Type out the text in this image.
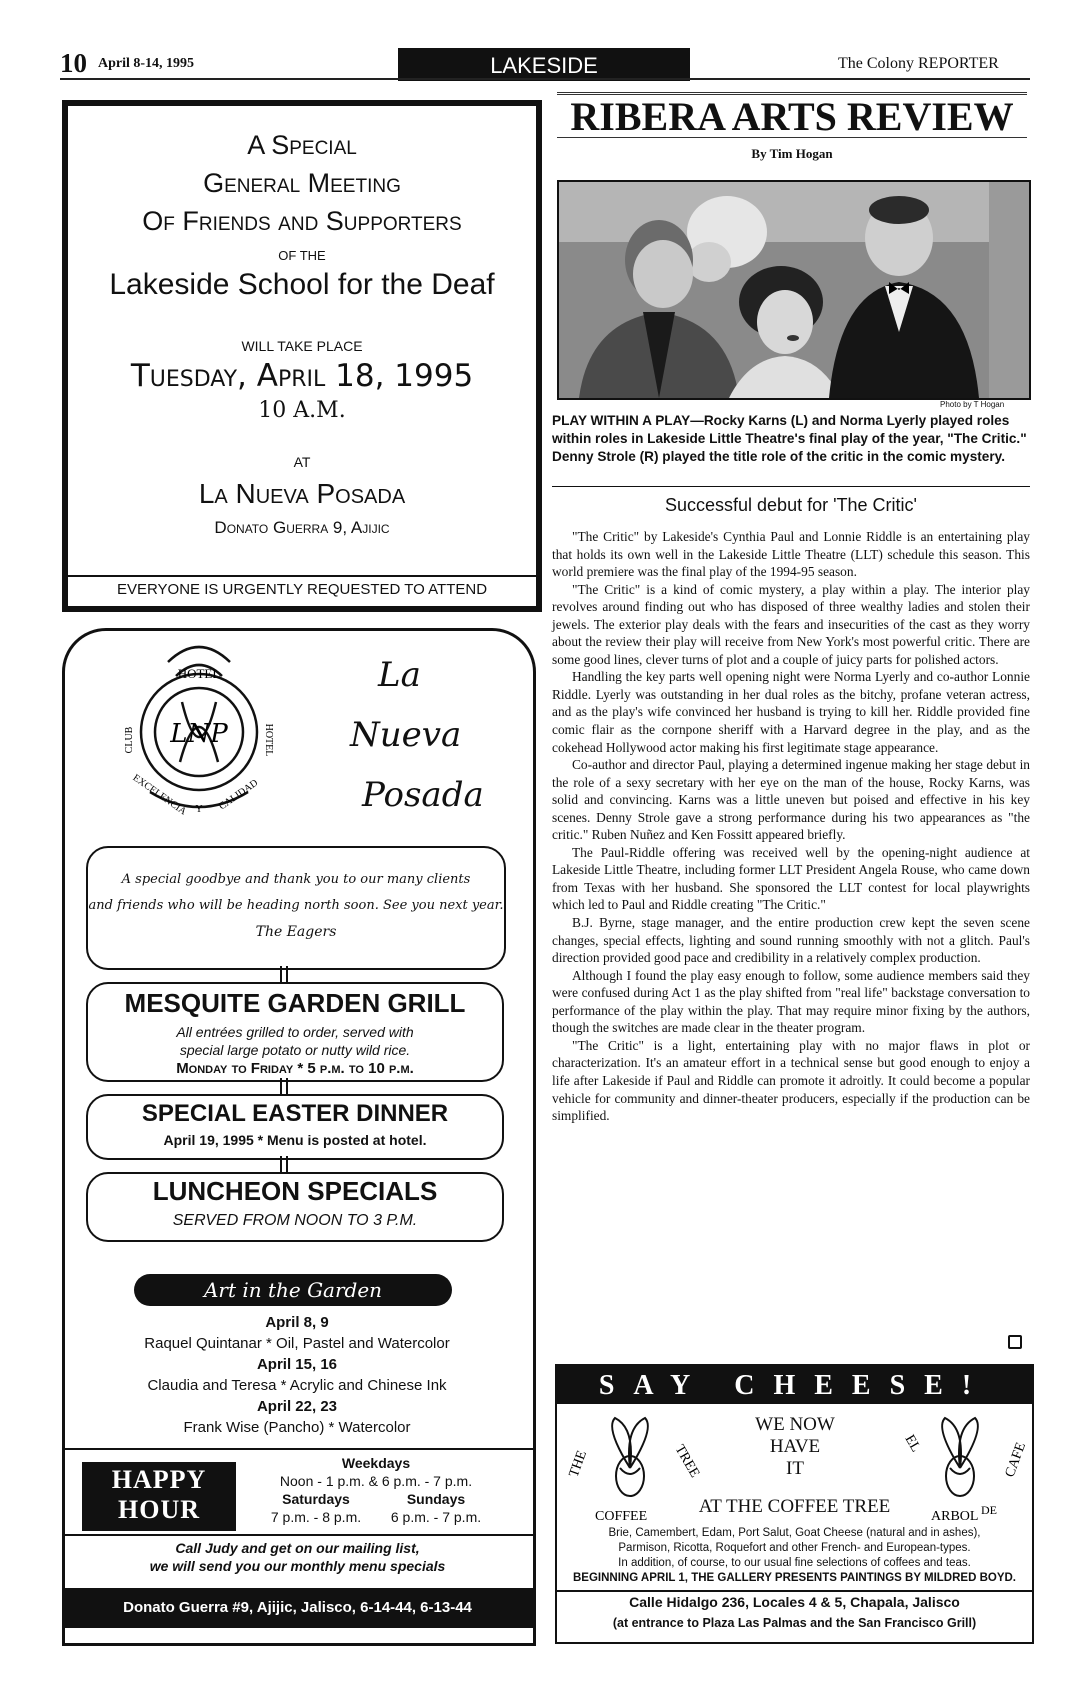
10 April 8-14, 1995	LAKESIDE	The Colony REPORTER
A Special
General Meeting
Of Friends and Supporters
OF THE
Lakeside School for the Deaf
WILL TAKE PLACE
Tuesday, April 18, 1995
10 A.M.
AT
La Nueva Posada
Donato Guerra 9, Ajijic
EVERYONE IS URGENTLY REQUESTED TO ATTEND
HOTEL
CLUB	HOTEL
EXCELENCIA Y CALIDAD
LNP
La
Nueva
Posada
A special goodbye and thank you to our many clients
and friends who will be heading north soon. See you next year.
The Eagers
MESQUITE GARDEN GRILL
All entrées grilled to order, served with
special large potato or nutty wild rice.
Monday to Friday * 5 p.m. to 10 p.m.
SPECIAL EASTER DINNER
April 19, 1995 * Menu is posted at hotel.
LUNCHEON SPECIALS
SERVED FROM NOON TO 3 P.M.
Art in the Garden
April 8, 9
Raquel Quintanar * Oil, Pastel and Watercolor
April 15, 16
Claudia and Teresa * Acrylic and Chinese Ink
April 22, 23
Frank Wise (Pancho) * Watercolor
HAPPY
HOUR
Weekdays
Noon - 1 p.m. & 6 p.m. - 7 p.m.
Saturdays	Sundays
7 p.m. - 8 p.m.	6 p.m. - 7 p.m.
Call Judy and get on our mailing list,
we will send you our monthly menu specials
Donato Guerra #9, Ajijic, Jalisco, 6-14-44, 6-13-44
RIBERA ARTS REVIEW
By Tim Hogan
Photo by T Hogan
PLAY WITHIN A PLAY—Rocky Karns (L) and Norma Lyerly played roles within roles in Lakeside Little Theatre's final play of the year, "The Critic." Denny Strole (R) played the title role of the critic in the comic mystery.
Successful debut for 'The Critic'

"The Critic" by Lakeside's Cynthia Paul and Lonnie Riddle is an entertaining play that holds its own well in the Lakeside Little Theatre (LLT) schedule this season. This world premiere was the final play of the 1994-95 season.

"The Critic" is a kind of comic mystery, a play within a play. The interior play revolves around finding out who has disposed of three wealthy ladies and stolen their jewels. The exterior play deals with the fears and insecurities of the cast as they worry about the review their play will receive from New York's most powerful critic. There are some good lines, clever turns of plot and a couple of juicy parts for polished actors.

Handling the key parts well opening night were Norma Lyerly and co-author Lonnie Riddle. Lyerly was outstanding in her dual roles as the bitchy, profane veteran actress, and as the play's wife convinced her husband is trying to kill her. Riddle provided fine comic flair as the cornpone sheriff with a Harvard degree in the play, and as the cokehead Hollywood actor making his first legitimate stage appearance.

Co-author and director Paul, playing a determined ingenue making her stage debut in the role of a sexy secretary with her eye on the man of the house, Rocky Karns, was solid and convincing. Karns was a little uneven but poised and effective in his key scenes. Denny Strole gave a strong performance during his two appearances as "the critic." Ruben Nuñez and Ken Fossitt appeared briefly.

The Paul-Riddle offering was received well by the opening-night audience at Lakeside Little Theatre, including former LLT President Angela Rouse, who came down from Texas with her husband. She sponsored the LLT contest for local playwrights which led to Paul and Riddle creating "The Critic."

B.J. Byrne, stage manager, and the entire production crew kept the seven scene changes, special effects, lighting and sound running smoothly with not a glitch. Paul's direction provided good pace and credibility in a relatively complex production.

Although I found the play easy enough to follow, some audience members said they were confused during Act 1 as the play shifted from "real life" backstage conversation to performance of the play within the play. That may require minor fixing by the authors, though the switches are made clear in the theater program.

"The Critic" is a light, entertaining play with no major flaws in plot or characterization. It's an amateur effort in a technical sense but good enough to enjoy a life after Lakeside if Paul and Riddle can promote it adroitly. It could become a popular vehicle for community and dinner-theater producers, especially if the production can be simplified.

SAY CHEESE!
THE	TREE
COFFEE
EL
ARBOL DE
CAFE
WE NOW
HAVE
IT
AT THE COFFEE TREE
Brie, Camembert, Edam, Port Salut, Goat Cheese (natural and in ashes),
Parmison, Ricotta, Roquefort and other French- and European-types.
In addition, of course, to our usual fine selections of coffees and teas.
BEGINNING APRIL 1, THE GALLERY PRESENTS PAINTINGS BY MILDRED BOYD.
Calle Hidalgo 236, Locales 4 & 5, Chapala, Jalisco
(at entrance to Plaza Las Palmas and the San Francisco Grill)
